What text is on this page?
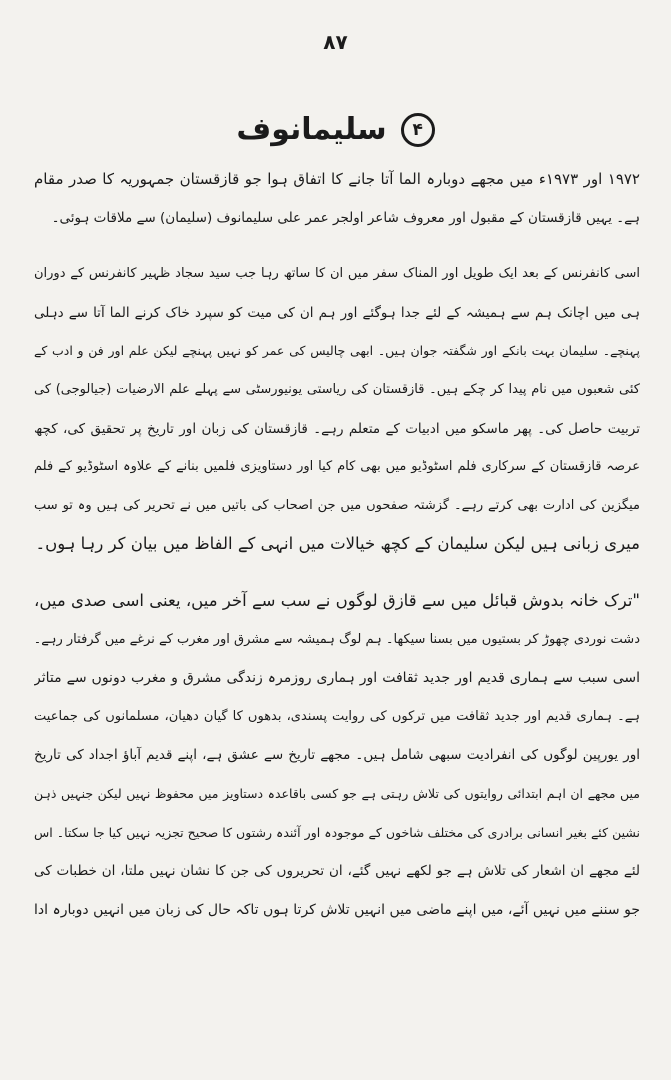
۸۷
۴
سلیمانوف
۱۹۷۲ اور ۱۹۷۳ء میں مجھے دوبارہ الما آتا جانے کا اتفاق ہوا جو قازقستان جمہوریہ کا صدر مقام
ہے۔ یہیں قازقستان کے مقبول اور معروف شاعر اولجر عمر علی سلیمانوف (سلیمان) سے ملاقات ہوئی۔
اسی کانفرنس کے بعد ایک طویل اور المناک سفر میں ان کا ساتھ رہا جب سید سجاد ظہیر کانفرنس کے دوران
ہی میں اچانک ہم سے ہمیشہ کے لئے جدا ہوگئے اور ہم ان کی میت کو سپرد خاک کرنے الما آتا سے دہلی
پہنچے۔ سلیمان بہت بانکے اور شگفتہ جوان ہیں۔ ابھی چالیس کی عمر کو نہیں پہنچے لیکن علم اور فن و ادب کے
کئی شعبوں میں نام پیدا کر چکے ہیں۔ قازقستان کی ریاستی یونیورسٹی سے پہلے علم الارضیات (جیالوجی) کی
تربیت حاصل کی۔ پھر ماسکو میں ادبیات کے متعلم رہے۔ قازقستان کی زبان اور تاریخ پر تحقیق کی، کچھ
عرصہ قازقستان کے سرکاری فلم اسٹوڈیو میں بھی کام کیا اور دستاویزی فلمیں بنانے کے علاوہ اسٹوڈیو کے فلم
میگزین کی ادارت بھی کرتے رہے۔ گزشتہ صفحوں میں جن اصحاب کی باتیں میں نے تحریر کی ہیں وہ تو سب
میری زبانی ہیں لیکن سلیمان کے کچھ خیالات میں انہی کے الفاظ میں بیان کر رہا ہوں۔
"ترک خانہ بدوش قبائل میں سے قازق لوگوں نے سب سے آخر میں، یعنی اسی صدی میں،
دشت نوردی چھوڑ کر بستیوں میں بسنا سیکھا۔ ہم لوگ ہمیشہ سے مشرق اور مغرب کے نرغے میں گرفتار رہے۔
اسی سبب سے ہماری قدیم اور جدید ثقافت اور ہماری روزمرہ زندگی مشرق و مغرب دونوں سے متاثر
ہے۔ ہماری قدیم اور جدید ثقافت میں ترکوں کی روایت پسندی، بدھوں کا گیان دھیان، مسلمانوں کی جماعیت
اور یورپین لوگوں کی انفرادیت سبھی شامل ہیں۔ مجھے تاریخ سے عشق ہے، اپنے قدیم آباؤ اجداد کی تاریخ
میں مجھے ان اہم ابتدائی روایتوں کی تلاش رہتی ہے جو کسی باقاعدہ دستاویز میں محفوظ نہیں لیکن جنہیں ذہن
نشین کئے بغیر انسانی برادری کی مختلف شاخوں کے موجودہ اور آئندہ رشتوں کا صحیح تجزیہ نہیں کیا جا سکتا۔ اس
لئے مجھے ان اشعار کی تلاش ہے جو لکھے نہیں گئے، ان تحریروں کی جن کا نشان نہیں ملتا، ان خطبات کی
جو سننے میں نہیں آئے، میں اپنے ماضی میں انہیں تلاش کرتا ہوں تاکہ حال کی زبان میں انہیں دوبارہ ادا
